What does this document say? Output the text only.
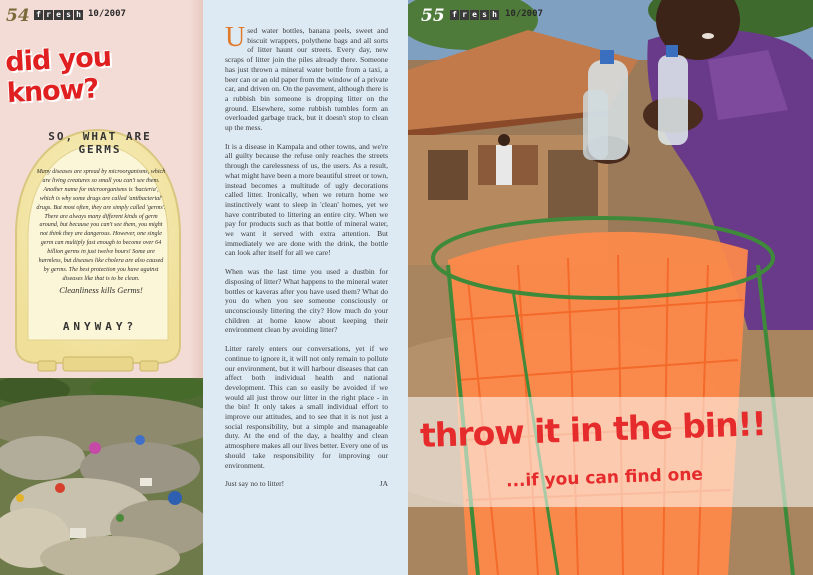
54 f r e s h 10/2007
did you know?
SO, WHAT ARE GERMS
Many diseases are spread by microorganisms, which are living creatures so small you can't see them. Another name for microorganisms is 'bacteria', which is why some drugs are called 'antibacterial' drugs. But most often, they are simply called 'germs'. There are always many different kinds of germ around, but because you can't see them, you might not think they are dangerous. However, one single germ can multiply fast enough to become over 64 billion germs in just twelve hours! Some are harmless, but diseases like cholera are also caused by germs. The best protection you have against diseases like that is to be clean.
Cleanliness kills Germs!
ANYWAY?

Used water bottles, banana peels, sweet and biscuit wrappers, polythene bags and all sorts of litter haunt our streets. Every day, new scraps of litter join the piles already there. Someone has just thrown a mineral water bottle from a taxi, a beer can or an old paper from the window of a private car, and driven on. On the pavement, although there is a rubbish bin someone is dropping litter on the ground. Elsewhere, some rubbish tumbles form an overloaded garbage track, but it doesn't stop to clean up the mess.

It is a disease in Kampala and other towns, and we're all guilty because the refuse only reaches the streets through the carelessness of us, the users. As a result, what might have been a more beautiful street or town, instead becomes a multitude of ugly decorations called litter. Ironically, when we return home we instinctively want to sleep in 'clean' homes, yet we have contributed to littering an entire city. When we pay for products such as that bottle of mineral water, we want it served with extra attention. But immediately we are done with the drink, the bottle can look after itself for all we care!

When was the last time you used a dustbin for disposing of litter? What happens to the mineral water bottles or kaveras after you have used them? What do you do when you see someone consciously or unconsciously littering the city? How much do your children at home know about keeping their environment clean by avoiding litter?

Litter rarely enters our conversations, yet if we continue to ignore it, it will not only remain to pollute our environment, but it will harbour diseases that can affect both individual health and national development. This can so easily be avoided if we would all just throw our litter in the right place - in the bin! It only takes a small individual effort to improve our attitudes, and to see that it is not just a social responsibility, but a simple and manageable duty. At the end of the day, a healthy and clean atmosphere makes all our lives better. Every one of us should take responsibility for improving our environment.

Just say no to litter!	JA
55 f r e s h 10/2007
throw it in the bin!!
...if you can find one
